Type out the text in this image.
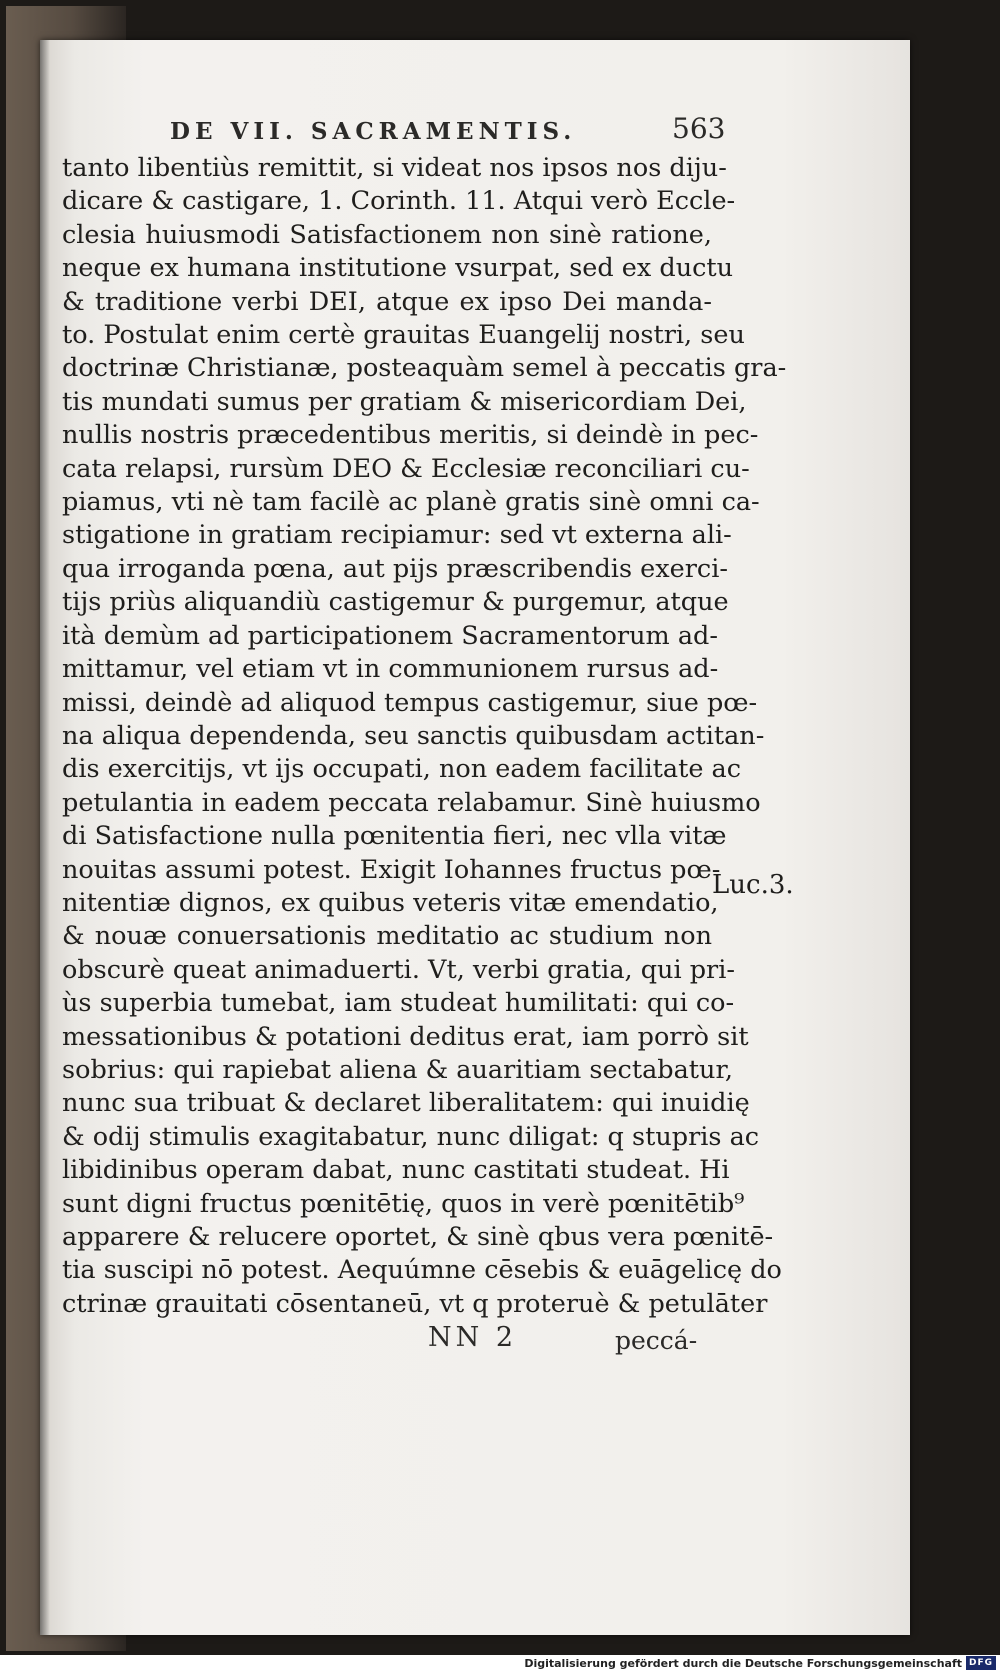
DE VII. SACRAMENTIS.	563
tanto libentiùs remittit, si videat nos ipsos nos diju-
dicare & castigare, 1. Corinth. 11. Atqui verò Eccle-
clesia huiusmodi Satisfactionem non sinè ratione,
neque ex humana institutione vsurpat, sed ex ductu
& traditione verbi DEI, atque ex ipso Dei manda-
to. Postulat enim certè grauitas Euangelij nostri, seu
doctrinæ Christianæ, posteaquàm semel à peccatis gra-
tis mundati sumus per gratiam & misericordiam Dei,
nullis nostris præcedentibus meritis, si deindè in pec-
cata relapsi, rursùm DEO & Ecclesiæ reconciliari cu-
piamus, vti nè tam facilè ac planè gratis sinè omni ca-
stigatione in gratiam recipiamur: sed vt externa ali-
qua irroganda pœna, aut pijs præscribendis exerci-
tijs priùs aliquandiù castigemur & purgemur, atque
ità demùm ad participationem Sacramentorum ad-
mittamur, vel etiam vt in communionem rursus ad-
missi, deindè ad aliquod tempus castigemur, siue pœ-
na aliqua dependenda, seu sanctis quibusdam actitan-
dis exercitijs, vt ijs occupati, non eadem facilitate ac
petulantia in eadem peccata relabamur. Sinè huiusmo
di Satisfactione nulla pœnitentia fieri, nec vlla vitæ
nouitas assumi potest. Exigit Iohannes fructus pœ-
nitentiæ dignos, ex quibus veteris vitæ emendatio,
& nouæ conuersationis meditatio ac studium non
obscurè queat animaduerti. Vt, verbi gratia, qui pri-
ùs superbia tumebat, iam studeat humilitati: qui co-
messationibus & potationi deditus erat, iam porrò sit
sobrius: qui rapiebat aliena & auaritiam sectabatur,
nunc sua tribuat & declaret liberalitatem: qui inuidię
& odij stimulis exagitabatur, nunc diligat: q stupris ac
libidinibus operam dabat, nunc castitati studeat. Hi
sunt digni fructus pœnitētię, quos in verè pœnitētib⁹
apparere & relucere oportet, & sinè qbus vera pœnitē-
tia suscipi nō potest. Aequúmne cēsebis & euāgelicę do
ctrinæ grauitati cōsentaneū, vt q proteruè & petulāter
Luc.3.
NN 2	peccá-
Digitalisierung gefördert durch die Deutsche Forschungsgemeinschaft DFG
